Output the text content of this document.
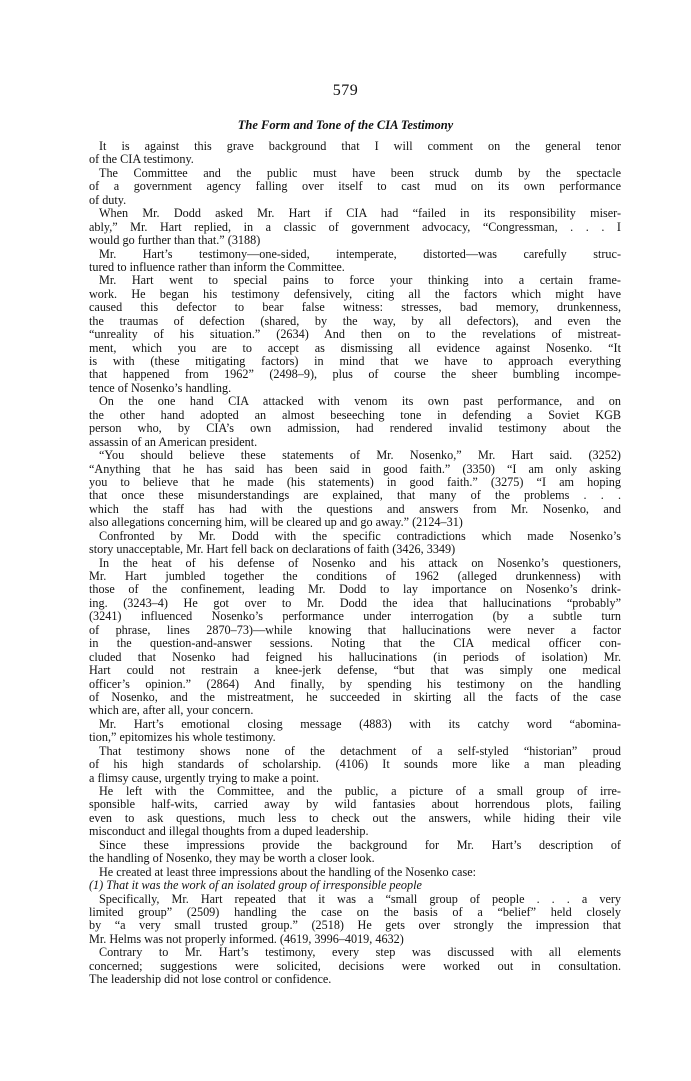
579
The Form and Tone of the CIA Testimony
It is against this grave background that I will comment on the general tenor
of the CIA testimony.
The Committee and the public must have been struck dumb by the spectacle
of a government agency falling over itself to cast mud on its own performance
of duty.
When Mr. Dodd asked Mr. Hart if CIA had “failed in its responsibility miser-
ably,” Mr. Hart replied, in a classic of government advocacy, “Congressman, . . . I
would go further than that.” (3188)
Mr. Hart’s testimony—one-sided, intemperate, distorted—was carefully struc-
tured to influence rather than inform the Committee.
Mr. Hart went to special pains to force your thinking into a certain frame-
work. He began his testimony defensively, citing all the factors which might have
caused this defector to bear false witness: stresses, bad memory, drunkenness,
the traumas of defection (shared, by the way, by all defectors), and even the
“unreality of his situation.” (2634) And then on to the revelations of mistreat-
ment, which you are to accept as dismissing all evidence against Nosenko. “It
is with (these mitigating factors) in mind that we have to approach everything
that happened from 1962” (2498–9), plus of course the sheer bumbling incompe-
tence of Nosenko’s handling.
On the one hand CIA attacked with venom its own past performance, and on
the other hand adopted an almost beseeching tone in defending a Soviet KGB
person who, by CIA’s own admission, had rendered invalid testimony about the
assassin of an American president.
“You should believe these statements of Mr. Nosenko,” Mr. Hart said. (3252)
“Anything that he has said has been said in good faith.” (3350) “I am only asking
you to believe that he made (his statements) in good faith.” (3275) “I am hoping
that once these misunderstandings are explained, that many of the problems . . .
which the staff has had with the questions and answers from Mr. Nosenko, and
also allegations concerning him, will be cleared up and go away.” (2124–31)
Confronted by Mr. Dodd with the specific contradictions which made Nosenko’s
story unacceptable, Mr. Hart fell back on declarations of faith (3426, 3349)
In the heat of his defense of Nosenko and his attack on Nosenko’s questioners,
Mr. Hart jumbled together the conditions of 1962 (alleged drunkenness) with
those of the confinement, leading Mr. Dodd to lay importance on Nosenko’s drink-
ing. (3243–4) He got over to Mr. Dodd the idea that hallucinations “probably”
(3241) influenced Nosenko’s performance under interrogation (by a subtle turn
of phrase, lines 2870–73)—while knowing that hallucinations were never a factor
in the question-and-answer sessions. Noting that the CIA medical officer con-
cluded that Nosenko had feigned his hallucinations (in periods of isolation) Mr.
Hart could not restrain a knee-jerk defense, “but that was simply one medical
officer’s opinion.” (2864) And finally, by spending his testimony on the handling
of Nosenko, and the mistreatment, he succeeded in skirting all the facts of the case
which are, after all, your concern.
Mr. Hart’s emotional closing message (4883) with its catchy word “abomina-
tion,” epitomizes his whole testimony.
That testimony shows none of the detachment of a self-styled “historian” proud
of his high standards of scholarship. (4106) It sounds more like a man pleading
a flimsy cause, urgently trying to make a point.
He left with the Committee, and the public, a picture of a small group of irre-
sponsible half-wits, carried away by wild fantasies about horrendous plots, failing
even to ask questions, much less to check out the answers, while hiding their vile
misconduct and illegal thoughts from a duped leadership.
Since these impressions provide the background for Mr. Hart’s description of
the handling of Nosenko, they may be worth a closer look.
He created at least three impressions about the handling of the Nosenko case:
(1) That it was the work of an isolated group of irresponsible people
Specifically, Mr. Hart repeated that it was a “small group of people . . . a very
limited group” (2509) handling the case on the basis of a “belief” held closely
by “a very small trusted group.” (2518) He gets over strongly the impression that
Mr. Helms was not properly informed. (4619, 3996–4019, 4632)
Contrary to Mr. Hart’s testimony, every step was discussed with all elements
concerned; suggestions were solicited, decisions were worked out in consultation.
The leadership did not lose control or confidence.
